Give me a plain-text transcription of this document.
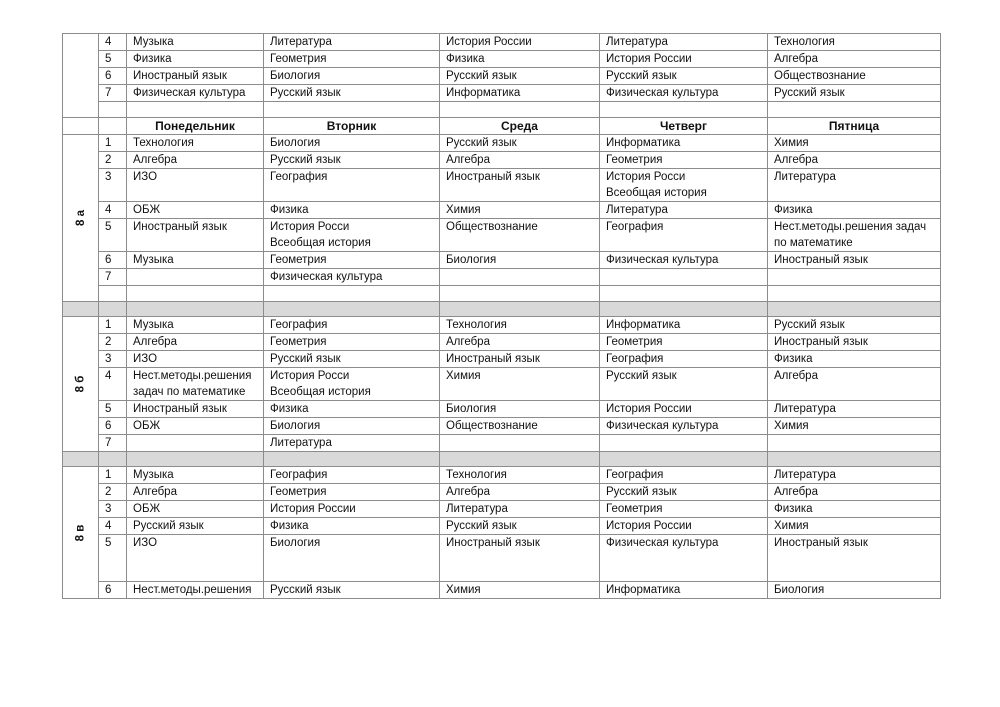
	4	Музыка	Литература	История России	Литература	Технология
	5	Физика	Геометрия	Физика	История России	Алгебра
	6	Иностраный язык	Биология	Русский язык	Русский язык	Обществознание
	7	Физическая культура	Русский язык	Информатика	Физическая культура	Русский язык

		Понедельник	Вторник	Среда	Четверг	Пятница
8 а	1	Технология	Биология	Русский язык	Информатика	Химия
	2	Алгебра	Русский язык	Алгебра	Геометрия	Алгебра
	3	ИЗО	География	Иностраный язык	История Росси
Всеобщая история	Литература
	4	ОБЖ	Физика	Химия	Литература	Физика
	5	Иностраный язык	История Росси
Всеобщая история	Обществознание	География	Нест.методы.решения задач
по математике
	6	Музыка	Геометрия	Биология	Физическая культура	Иностраный язык
	7		Физическая культура			

8 б	1	Музыка	География	Технология	Информатика	Русский язык
	2	Алгебра	Геометрия	Алгебра	Геометрия	Иностраный язык
	3	ИЗО	Русский язык	Иностраный язык	География	Физика
	4	Нест.методы.решения
задач по математике	История Росси
Всеобщая история	Химия	Русский язык	Алгебра
	5	Иностраный язык	Физика	Биология	История России	Литература
	6	ОБЖ	Биология	Обществознание	Физическая культура	Химия
	7		Литература			

8 в	1	Музыка	География	Технология	География	Литература
	2	Алгебра	Геометрия	Алгебра	Русский язык	Алгебра
	3	ОБЖ	История России	Литература	Геометрия	Физика
	4	Русский язык	Физика	Русский язык	История России	Химия
	5	ИЗО	Биология	Иностраный язык	Физическая культура	Иностраный язык
	6	Нест.методы.решения	Русский язык	Химия	Информатика	Биология
